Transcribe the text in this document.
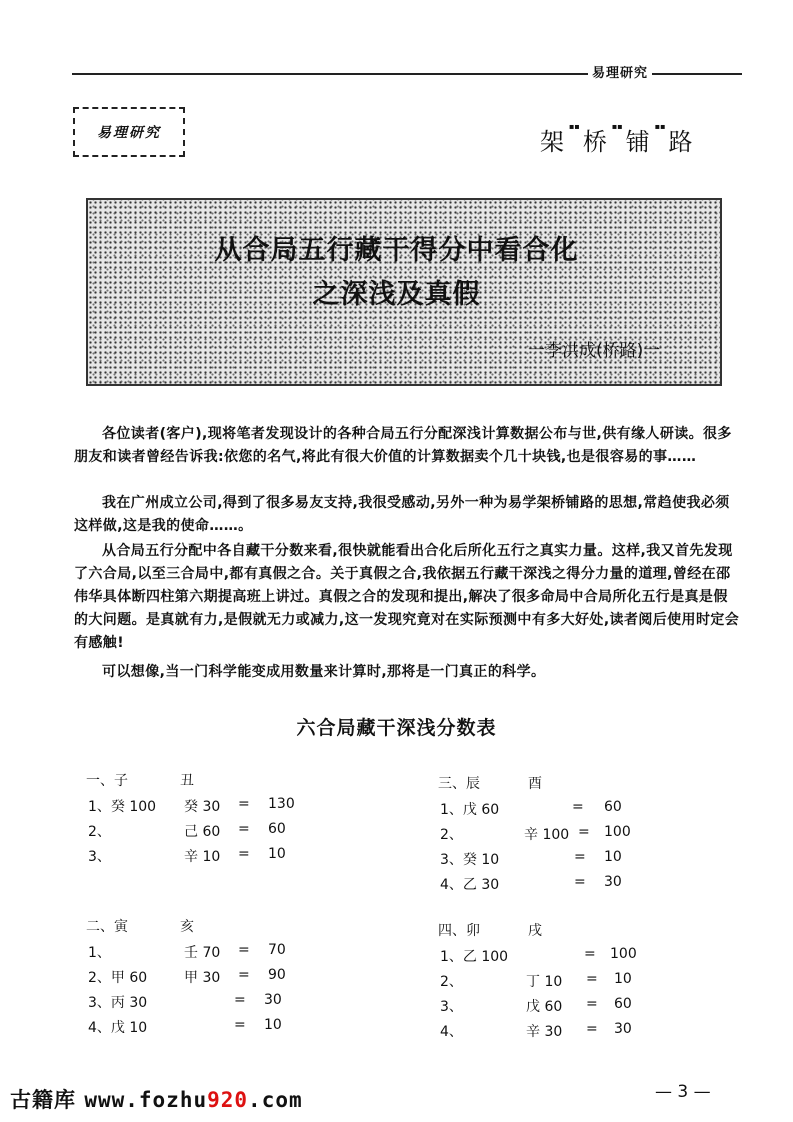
易理研究
易理研究	架▪▪桥▪▪铺▪▪路
从合局五行藏干得分中看合化
之深浅及真假
一李洪成(桥路)一

各位读者(客户),现将笔者发现设计的各种合局五行分配深浅计算数据公布与世,供有缘人研读。很多朋友和读者曾经告诉我:依您的名气,将此有很大价值的计算数据卖个几十块钱,也是很容易的事……

我在广州成立公司,得到了很多易友支持,我很受感动,另外一种为易学架桥铺路的思想,常趋使我必须这样做,这是我的使命……。

从合局五行分配中各自藏干分数来看,很快就能看出合化后所化五行之真实力量。这样,我又首先发现了六合局,以至三合局中,都有真假之合。关于真假之合,我依据五行藏干深浅之得分力量的道理,曾经在邵伟华具体断四柱第六期提高班上讲过。真假之合的发现和提出,解决了很多命局中合局所化五行是真是假的大问题。是真就有力,是假就无力或减力,这一发现究竟对在实际预测中有多大好处,读者阅后使用时定会有感触!

可以想像,当一门科学能变成用数量来计算时,那将是一门真正的科学。

六合局藏干深浅分数表
一、子	丑
1、癸 100 癸 30 = 130
2、	己 60 = 60
3、	辛 10 = 10
二、寅	亥
1、	壬 70 = 70
2、甲 60	甲 30 = 90
3、丙 30	= 30
4、戊 10	= 10
三、辰	酉
1、戊 60	= 60
2、	辛 100 = 100
3、癸 10	= 10
4、乙 30	= 30
四、卯	戌
1、乙 100	= 100
2、	丁 10 = 10
3、	戊 60 = 60
4、	辛 30 = 30
古籍库 www.fozhu920.com	— 3 —
